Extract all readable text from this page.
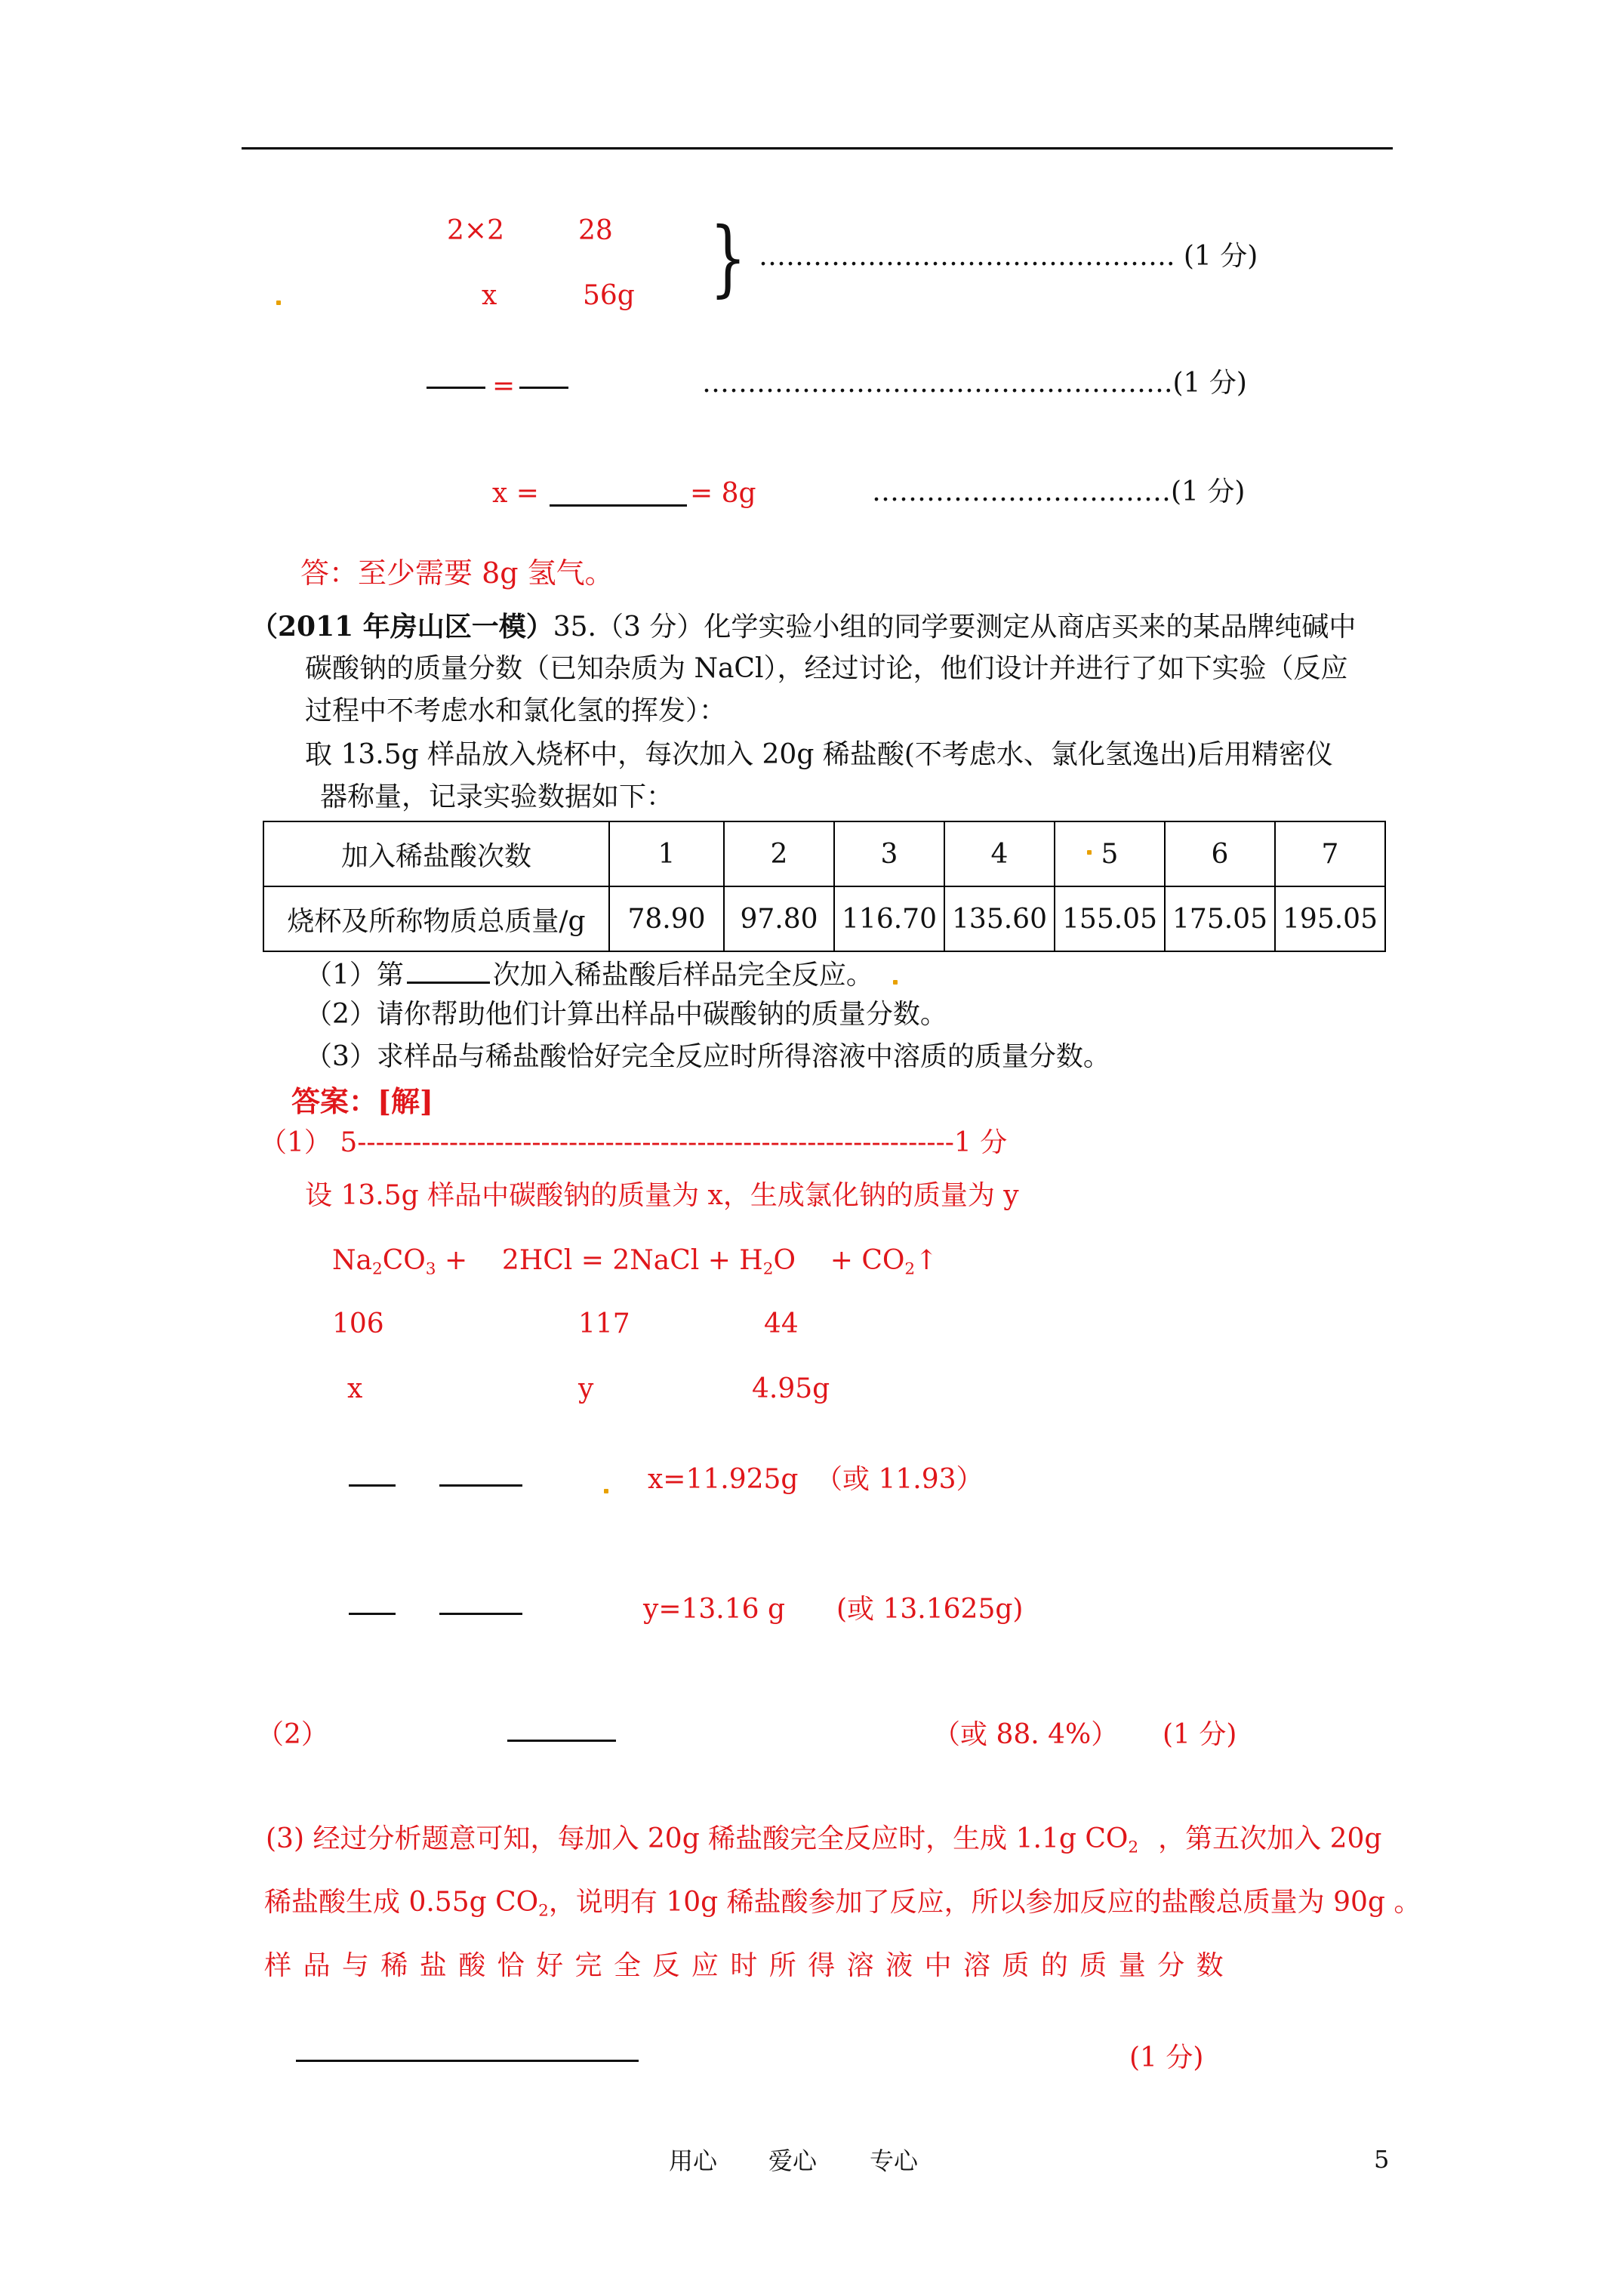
2×2	28
x	56g } ………………………………………. (1 分)
=	…………………………………………….(1 分)
x =	= 8g	……………………………(1 分)
答：至少需要 8g 氢气。
（2011 年房山区一模）35.（3 分）化学实验小组的同学要测定从商店买来的某品牌纯碱中
碳酸钠的质量分数（已知杂质为 NaCl），经过讨论，他们设计并进行了如下实验（反应
过程中不考虑水和氯化氢的挥发）：
取 13.5g 样品放入烧杯中，每次加入 20g 稀盐酸(不考虑水、氯化氢逸出)后用精密仪
器称量，记录实验数据如下：
加入稀盐酸次数	1	2	3	4	5	6	7
烧杯及所称物质总质量/g	78.90	97.80	116.70	135.60	155.05	175.05	195.05
（1）第	次加入稀盐酸后样品完全反应。
（2）请你帮助他们计算出样品中碳酸钠的质量分数。
（3）求样品与稀盐酸恰好完全反应时所得溶液中溶质的质量分数。
答案：[解]
（1） 5-----------------------------------------------------------------1 分
设 13.5g 样品中碳酸钠的质量为 x，生成氯化钠的质量为 y
$Na_2CO_3$ +    2HCl = 2NaCl + $H_2O$    + $CO_2↑$
106	117	44
x	y	4.95g
x=11.925g （或 11.93）
y=13.16 g (或 13.1625g)
（2）	（或 88. 4%） (1 分)
(3) 经过分析题意可知，每加入 20g 稀盐酸完全反应时，生成 1.1g $CO_2$ ，第五次加入 20g
稀盐酸生成 0.55g $CO_2$，说明有 10g 稀盐酸参加了反应，所以参加反应的盐酸总质量为 90g 。
样 品 与 稀 盐 酸 恰 好 完 全 反 应 时 所 得 溶 液 中 溶 质 的 质 量 分 数
(1 分)
用心 爱心 专心	5
